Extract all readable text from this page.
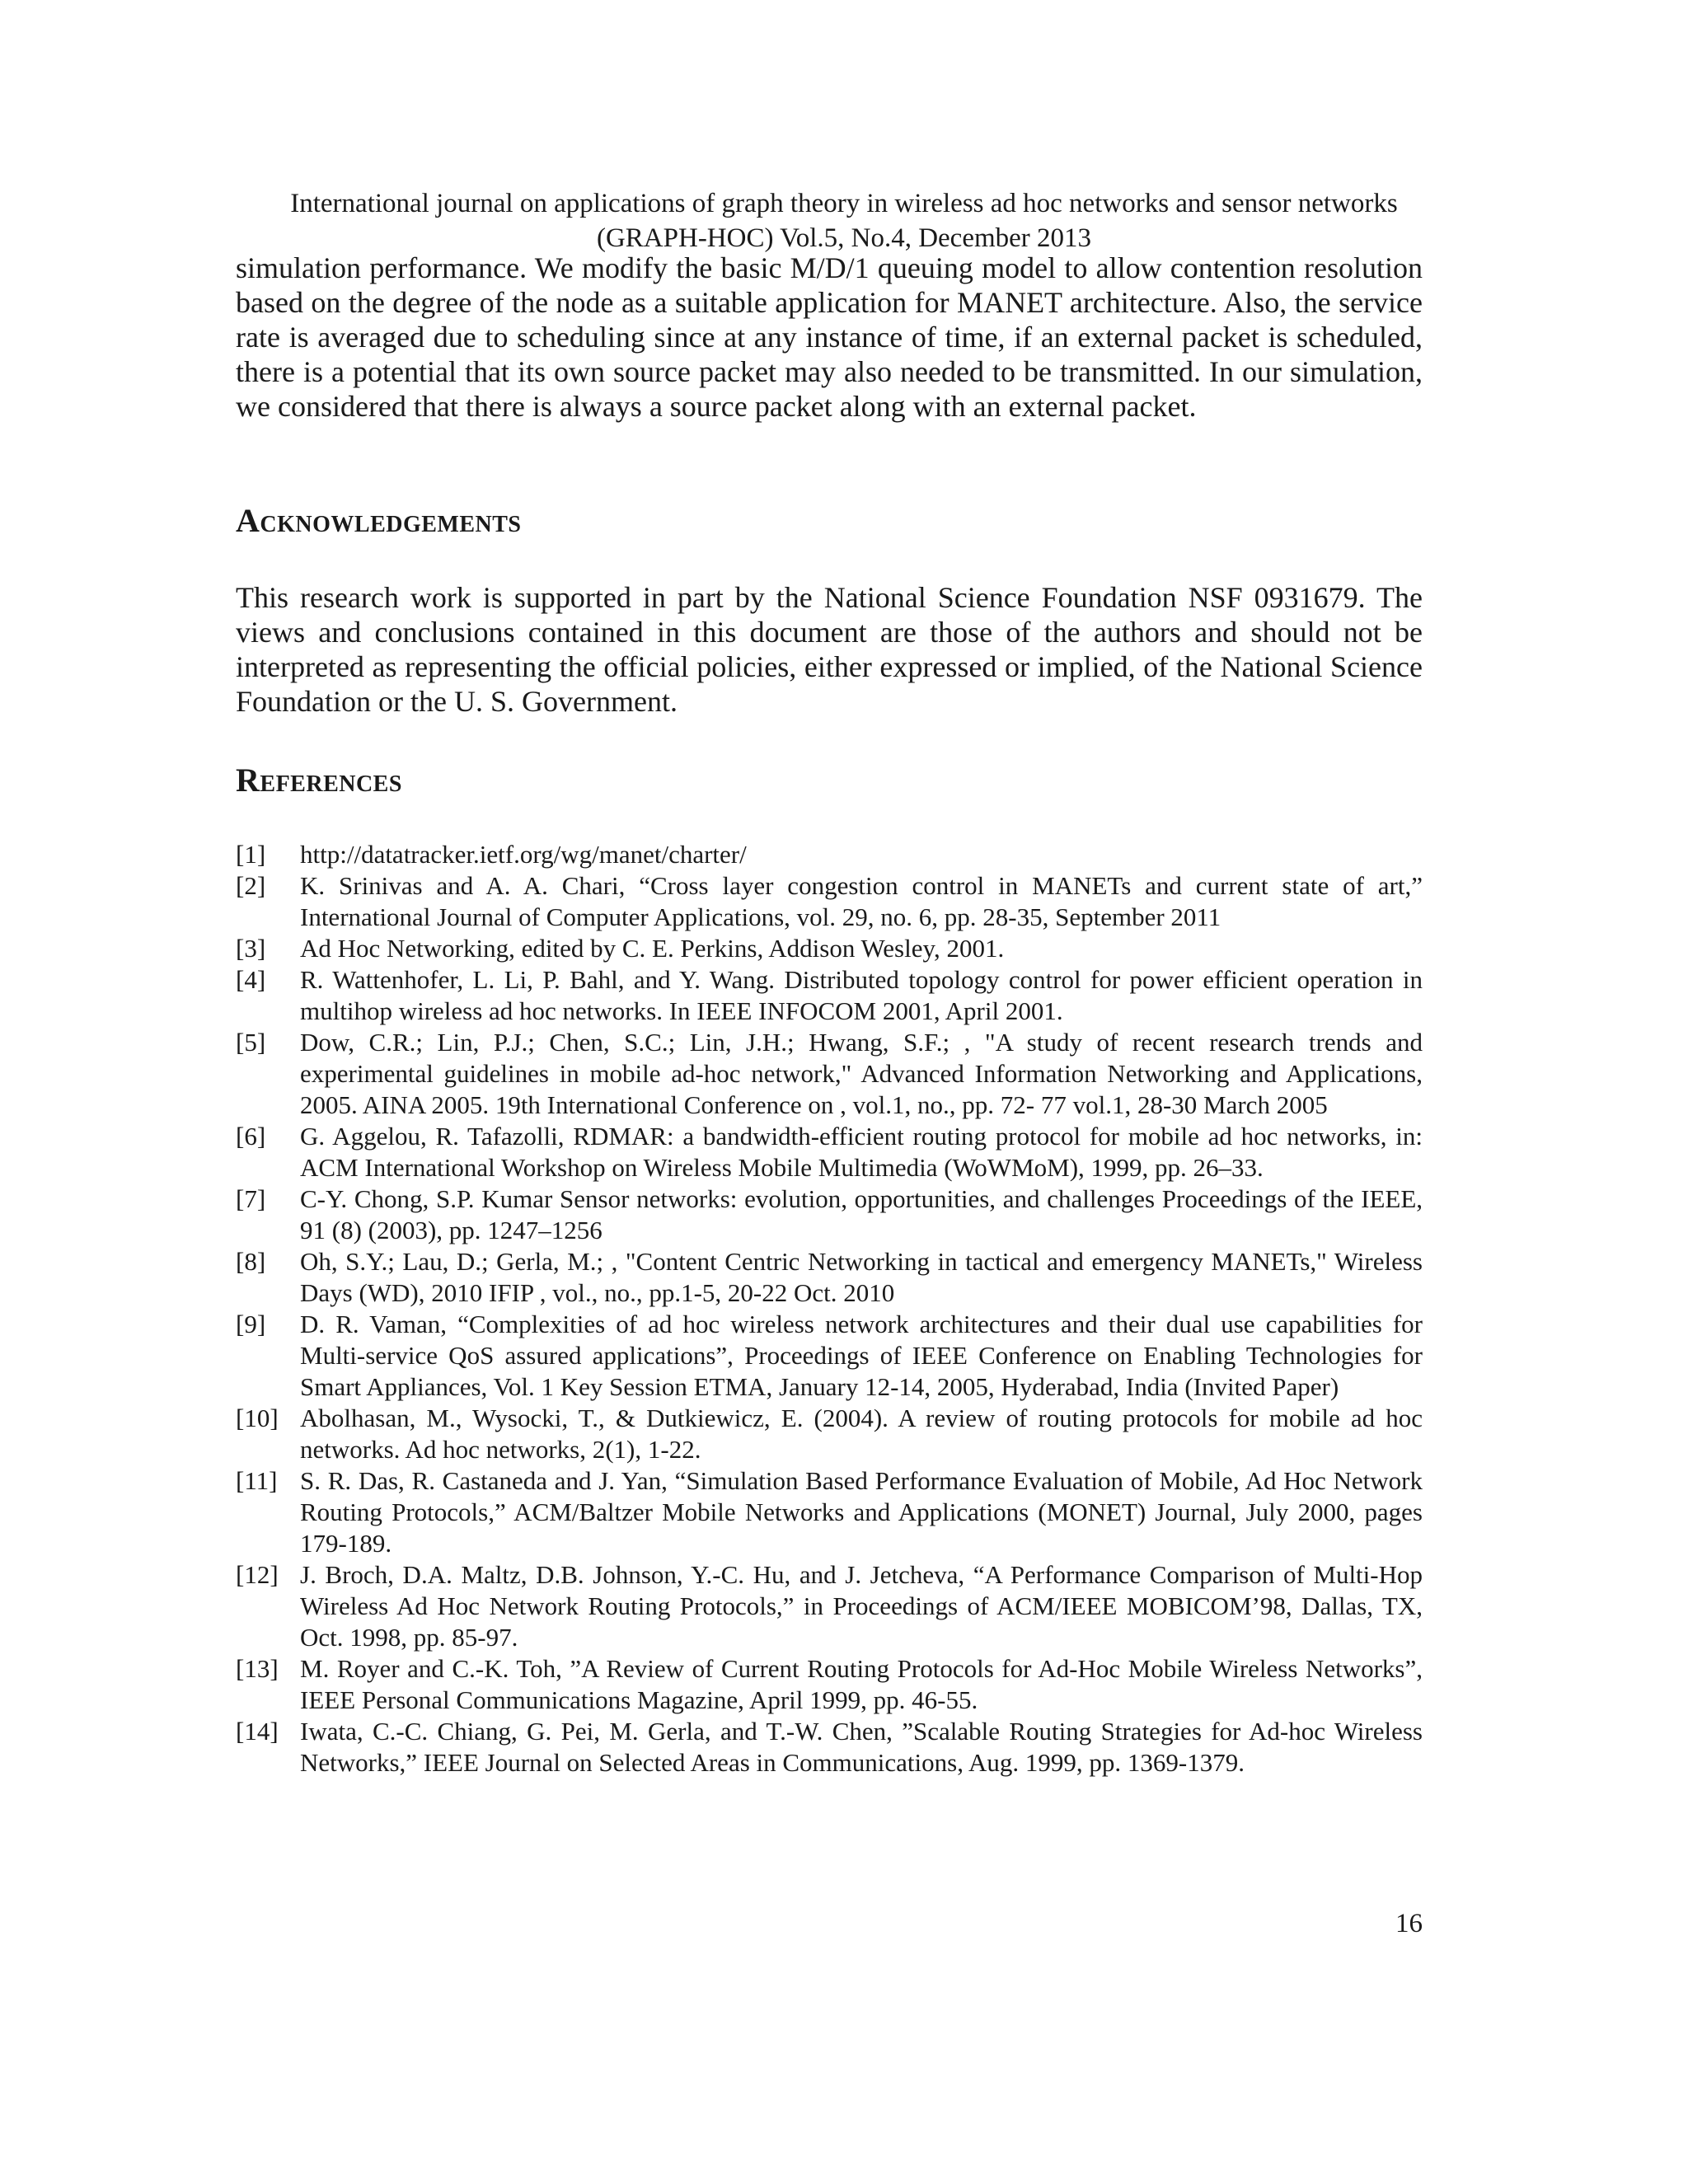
International journal on applications of graph theory in wireless ad hoc networks and sensor networks
(GRAPH-HOC) Vol.5, No.4, December 2013

simulation performance. We modify the basic M/D/1 queuing model to allow contention resolution based on the degree of the node as a suitable application for MANET architecture. Also, the service rate is averaged due to scheduling since at any instance of time, if an external packet is scheduled, there is a potential that its own source packet may also needed to be transmitted. In our simulation, we considered that there is always a source packet along with an external packet.

Acknowledgements

This research work is supported in part by the National Science Foundation NSF 0931679. The views and conclusions contained in this document are those of the authors and should not be interpreted as representing the official policies, either expressed or implied, of the National Science Foundation or the U. S. Government.

References
[1]	http://datatracker.ietf.org/wg/manet/charter/
[2]	K. Srinivas and A. A. Chari, “Cross layer congestion control in MANETs and current state of art,” International Journal of Computer Applications, vol. 29, no. 6, pp. 28-35, September 2011
[3]	Ad Hoc Networking, edited by C. E. Perkins, Addison Wesley, 2001.
[4]	R. Wattenhofer, L. Li, P. Bahl, and Y. Wang. Distributed topology control for power efficient operation in multihop wireless ad hoc networks. In IEEE INFOCOM 2001, April 2001.
[5]	Dow, C.R.; Lin, P.J.; Chen, S.C.; Lin, J.H.; Hwang, S.F.; , "A study of recent research trends and experimental guidelines in mobile ad-hoc network," Advanced Information Networking and Applications, 2005. AINA 2005. 19th International Conference on , vol.1, no., pp. 72- 77 vol.1, 28-30 March 2005
[6]	G. Aggelou, R. Tafazolli, RDMAR: a bandwidth-efficient routing protocol for mobile ad hoc networks, in: ACM International Workshop on Wireless Mobile Multimedia (WoWMoM), 1999, pp. 26–33.
[7]	C-Y. Chong, S.P. Kumar Sensor networks: evolution, opportunities, and challenges Proceedings of the IEEE, 91 (8) (2003), pp. 1247–1256
[8]	Oh, S.Y.; Lau, D.; Gerla, M.; , "Content Centric Networking in tactical and emergency MANETs," Wireless Days (WD), 2010 IFIP , vol., no., pp.1-5, 20-22 Oct. 2010
[9]	D. R. Vaman, “Complexities of ad hoc wireless network architectures and their dual use capabilities for Multi-service QoS assured applications”, Proceedings of IEEE Conference on Enabling Technologies for Smart Appliances, Vol. 1 Key Session ETMA, January 12-14, 2005, Hyderabad, India (Invited Paper)
[10] Abolhasan, M., Wysocki, T., & Dutkiewicz, E. (2004). A review of routing protocols for mobile ad hoc networks. Ad hoc networks, 2(1), 1-22.
[11] S. R. Das, R. Castaneda and J. Yan, “Simulation Based Performance Evaluation of Mobile, Ad Hoc Network Routing Protocols,” ACM/Baltzer Mobile Networks and Applications (MONET) Journal, July 2000, pages 179-189.
[12] J. Broch, D.A. Maltz, D.B. Johnson, Y.-C. Hu, and J. Jetcheva, “A Performance Comparison of Multi-Hop Wireless Ad Hoc Network Routing Protocols,” in Proceedings of ACM/IEEE MOBICOM’98, Dallas, TX, Oct. 1998, pp. 85-97.
[13] M. Royer and C.-K. Toh, ”A Review of Current Routing Protocols for Ad-Hoc Mobile Wireless Networks”, IEEE Personal Communications Magazine, April 1999, pp. 46-55.
[14] Iwata, C.-C. Chiang, G. Pei, M. Gerla, and T.-W. Chen, ”Scalable Routing Strategies for Ad-hoc Wireless Networks,” IEEE Journal on Selected Areas in Communications, Aug. 1999, pp. 1369-1379.
16
